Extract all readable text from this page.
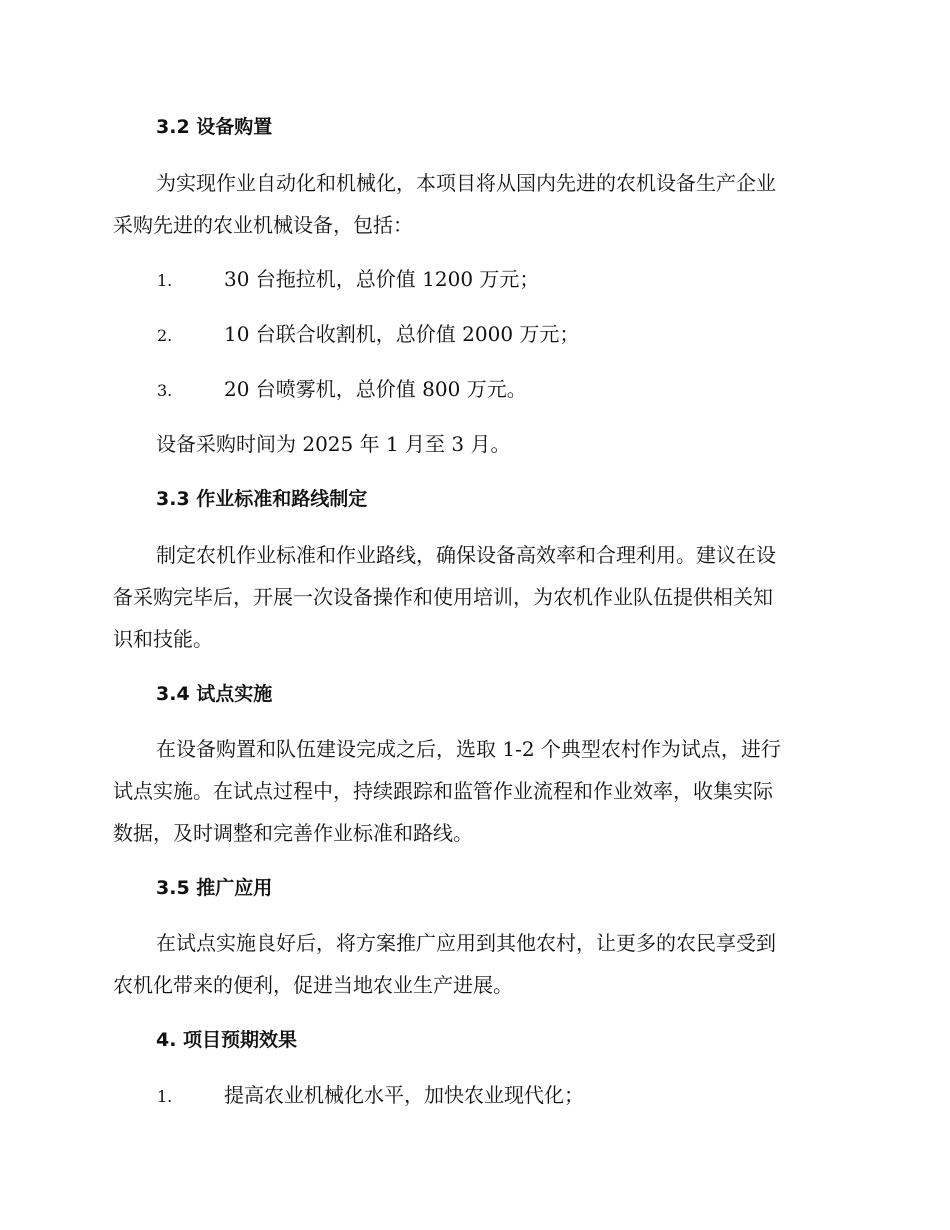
3.2 设备购置
为实现作业自动化和机械化，本项目将从国内先进的农机设备生产企业
采购先进的农业机械设备，包括：
1.	30 台拖拉机，总价值 1200 万元；
2.	10 台联合收割机，总价值 2000 万元；
3.	20 台喷雾机，总价值 800 万元。
设备采购时间为 2025 年 1 月至 3 月。
3.3 作业标准和路线制定
制定农机作业标准和作业路线，确保设备高效率和合理利用。建议在设
备采购完毕后，开展一次设备操作和使用培训，为农机作业队伍提供相关知
识和技能。
3.4 试点实施
在设备购置和队伍建设完成之后，选取 1-2 个典型农村作为试点，进行
试点实施。在试点过程中，持续跟踪和监管作业流程和作业效率，收集实际
数据，及时调整和完善作业标准和路线。
3.5 推广应用
在试点实施良好后，将方案推广应用到其他农村，让更多的农民享受到
农机化带来的便利，促进当地农业生产进展。
4. 项目预期效果
1.	提高农业机械化水平，加快农业现代化；
